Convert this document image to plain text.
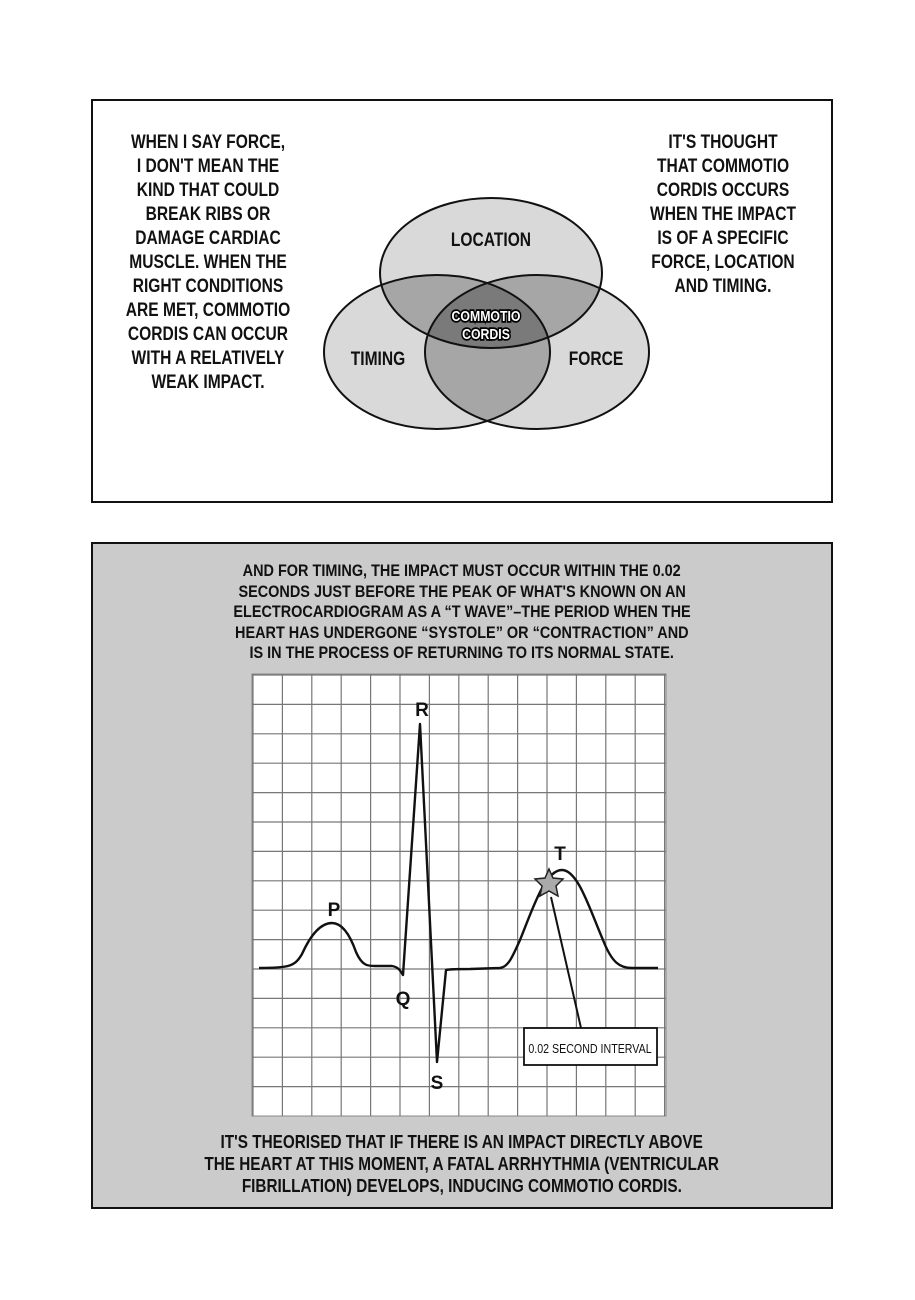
WHEN I SAY FORCE,
I DON'T MEAN THE
KIND THAT COULD
BREAK RIBS OR
DAMAGE CARDIAC
MUSCLE. WHEN THE
RIGHT CONDITIONS
ARE MET, COMMOTIO
CORDIS CAN OCCUR
WITH A RELATIVELY
WEAK IMPACT.
IT'S THOUGHT
THAT COMMOTIO
CORDIS OCCURS
WHEN THE IMPACT
IS OF A SPECIFIC
FORCE, LOCATION
AND TIMING.
AND FOR TIMING, THE IMPACT MUST OCCUR WITHIN THE 0.02
SECONDS JUST BEFORE THE PEAK OF WHAT'S KNOWN ON AN
ELECTROCARDIOGRAM AS A “T WAVE”–THE PERIOD WHEN THE
HEART HAS UNDERGONE “SYSTOLE” OR “CONTRACTION” AND
IS IN THE PROCESS OF RETURNING TO ITS NORMAL STATE.
IT'S THEORISED THAT IF THERE IS AN IMPACT DIRECTLY ABOVE
THE HEART AT THIS MOMENT, A FATAL ARRHYTHMIA (VENTRICULAR
FIBRILLATION) DEVELOPS, INDUCING COMMOTIO CORDIS.
LOCATION
TIMING	FORCE
COMMOTIO
CORDIS
0.02 SECOND INTERVAL
P
Q
R
S
T
